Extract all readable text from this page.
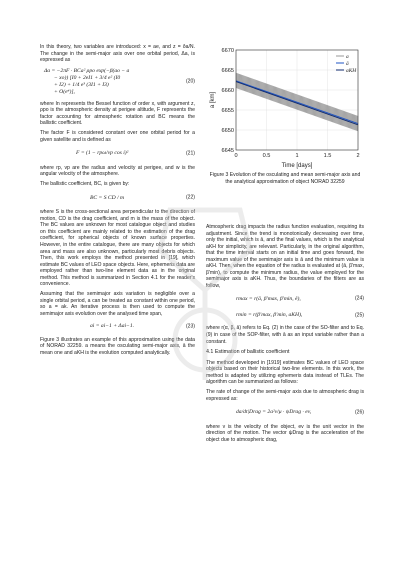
In this theory, two variables are introduced: x = ae, and z = ða/N. The change in the semi-major axis over one orbital period, Δa, is expressed as

Δa = −2πF · BCa² ρpo exp(−β(ao − a
− xo)) [I0 + 2eI1 + 3/4 e² (I0
+ I2) + 1/4 e³ (3I1 + I3)
+ O(e⁴)],
(20)

where In represents the Bessel function of order x, with argument z, ρpo is the atmospheric density at perigee altitude, F represents the factor accounting for atmospheric rotation and BC means the ballistic coefficient.

The factor F is considered constant over one orbital period for a given satellite and is defined as

F = (1 − rpω/vp cos i)²	(21)

where rp, vp are the radius and velocity at perigee, and w is the angular velocity of the atmosphere.

The ballistic coefficient, BC, is given by:

BC = S CD / m	(22)

where S is the cross-sectional area perpendicular to the direction of motion, CD is the drag coefficient, and m is the mass of the object. The BC values are unknown for most catalogue object and studies on this coefficient are mainly related to the estimation of the drag coefficient, for spherical objects of known surface properties. However, in the entire catalogue, there are many objects for which area and mass are also unknown, particularly most debris objects. Then, this work employs the method presented in [19], which estimate BC values of LEO space objects. Here, ephemeris data are employed rather than two-line element data as in the original method. This method is summarized in Section 4.1 for the reader's convenience.

Assuming that the semimajor axis variation is negligible over a single orbital period, a can be treated as constant within one period, so a = ak. An iterative process is then used to compute the semimajor axis evolution over the analysed time span,

ai = ai−1 + Δai−1.	(23)

Figure 3 illustrates an example of this approximation using the data of NORAD 32259. a means the osculating semi-major axis, ā the mean one and aKH is the evolution computed analytically.

0	0.5	1	1.5	2
6645
6650
6655
6660
6665
6670
a
ā
aKH
Time [days]
a [km]
Figure 3 Evolution of the osculating and mean semi-major axis and the analytical approximation of object NORAD 32259

Atmospheric drag impacts the radius function evaluation, requiring its adjustment. Since the trend is monotonically decreasing over time, only the initial, which is ā, and the final values, which is the analytical aKH for simplicity, are relevant. Particularly, in the original algorithm, that the time interval starts on an initial time and goes forward, the maximum value of the semimajor axis is ā and the minimum value is aKH. Then, when the equation of the radius is evaluated at (ā, β′max, β′min), to compute the minimum radius, the value employed for the semimajor axis is aKH. Thus, the boundaries of the filters are as follow,

rmax = r(ā, β′max, β′min, ê),	(24)
rmin = r(β′max, β′min, aKH),	(25)

where r(α, β, ā) refers to Eq. (2) in the case of the SO-filter and to Eq. (9) in case of the SOP-filter, with ā as an input variable rather than a constant.

4.1 Estimation of ballistic coefficient

The method developed in [1919] estimates BC values of LEO space objects based on their historical two-line elements. In this work, the method is adapted by utilizing ephemeris data instead of TLEs. The algorithm can be summarized as follows:

The rate of change of the semi-major axis due to atmospheric drag is expressed as:

da/dt|Drag = 2a²v/μ · ψDrag · ev,	(26)

where v is the velocity of the object, ev is the unit vector in the direction of the motion. The vector ψDrag is the acceleration of the object due to atmospheric drag,
